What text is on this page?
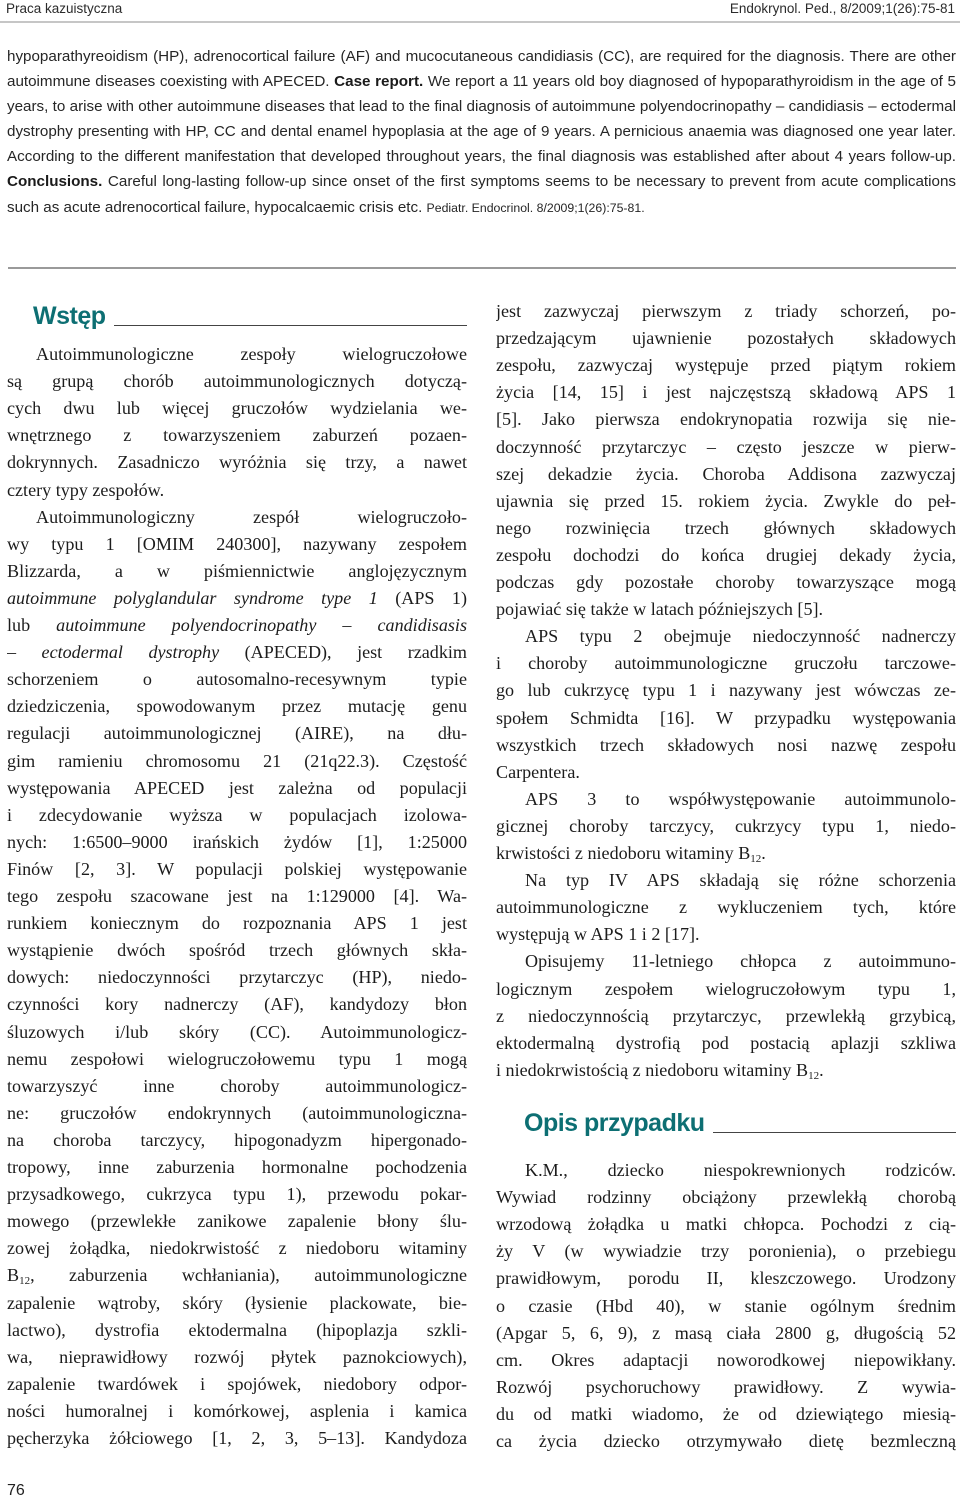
Praca kazuistyczna	Endokrynol. Ped., 8/2009;1(26):75-81
hypoparathyreoidism (HP), adrenocortical failure (AF) and mucocutaneous candidiasis (CC), are required for the diagnosis. There are other autoimmune diseases coexisting with APECED. Case report. We report a 11 years old boy diagnosed of hypoparathyroidism in the age of 5 years, to arise with other autoimmune diseases that lead to the final diagnosis of autoimmune polyendocrinopathy – candidiasis – ectodermal dystrophy presenting with HP, CC and dental enamel hypoplasia at the age of 9 years. A pernicious anaemia was diagnosed one year later. According to the different manifestation that developed throughout years, the final diagnosis was established after about 4 years follow-up. Conclusions. Careful long-lasting follow-up since onset of the first symptoms seems to be necessary to prevent from acute complications such as acute adrenocortical failure, hypocalcaemic crisis etc. Pediatr. Endocrinol. 8/2009;1(26):75-81.
Wstęp
Autoimmunologiczne zespoły wielogruczołowe
są grupą chorób autoimmunologicznych dotyczą-
cych dwu lub więcej gruczołów wydzielania we-
wnętrznego z towarzyszeniem zaburzeń pozaen-
dokrynnych. Zasadniczo wyróżnia się trzy, a nawet
cztery typy zespołów.
Autoimmunologiczny zespół wielogruczoło-
wy typu 1 [OMIM 240300], nazywany zespołem
Blizzarda, a w piśmiennictwie anglojęzycznym
autoimmune polyglandular syndrome type 1 (APS 1)
lub autoimmune polyendocrinopathy – candidisasis
– ectodermal dystrophy (APECED), jest rzadkim
schorzeniem o autosomalno-recesywnym typie
dziedziczenia, spowodowanym przez mutację genu
regulacji autoimmunologicznej (AIRE), na dłu-
gim ramieniu chromosomu 21 (21q22.3). Częstość
występowania APECED jest zależna od populacji
i zdecydowanie wyższa w populacjach izolowa-
nych: 1:6500–9000 irańskich żydów [1], 1:25000
Finów [2, 3]. W populacji polskiej występowanie
tego zespołu szacowane jest na 1:129000 [4]. Wa-
runkiem koniecznym do rozpoznania APS 1 jest
wystąpienie dwóch spośród trzech głównych skła-
dowych: niedoczynności przytarczyc (HP), niedo-
czynności kory nadnerczy (AF), kandydozy błon
śluzowych i/lub skóry (CC). Autoimmunologicz-
nemu zespołowi wielogruczołowemu typu 1 mogą
towarzyszyć inne choroby autoimmunologicz-
ne: gruczołów endokrynnych (autoimmunologiczna-
na choroba tarczycy, hipogonadyzm hipergonado-
tropowy, inne zaburzenia hormonalne pochodzenia
przysadkowego, cukrzyca typu 1), przewodu pokar-
mowego (przewlekłe zanikowe zapalenie błony ślu-
zowej żołądka, niedokrwistość z niedoboru witaminy
$B_{12}$, zaburzenia wchłaniania), autoimmunologiczne
zapalenie wątroby, skóry (łysienie plackowate, bie-
lactwo), dystrofia ektodermalna (hipoplazja szkli-
wa, nieprawidłowy rozwój płytek paznokciowych),
zapalenie twardówek i spojówek, niedobory odpor-
ności humoralnej i komórkowej, asplenia i kamica
pęcherzyka żółciowego [1, 2, 3, 5–13]. Kandydoza
jest zazwyczaj pierwszym z triady schorzeń, po-
przedzającym ujawnienie pozostałych składowych
zespołu, zazwyczaj występuje przed piątym rokiem
życia [14, 15] i jest najczęstszą składową APS 1
[5]. Jako pierwsza endokrynopatia rozwija się nie-
doczynność przytarczyc – często jeszcze w pierw-
szej dekadzie życia. Choroba Addisona zazwyczaj
ujawnia się przed 15. rokiem życia. Zwykle do peł-
nego rozwinięcia trzech głównych składowych
zespołu dochodzi do końca drugiej dekady życia,
podczas gdy pozostałe choroby towarzyszące mogą
pojawiać się także w latach późniejszych [5].
APS typu 2 obejmuje niedoczynność nadnerczy
i choroby autoimmunologiczne gruczołu tarczowe-
go lub cukrzycę typu 1 i nazywany jest wówczas ze-
społem Schmidta [16]. W przypadku występowania
wszystkich trzech składowych nosi nazwę zespołu
Carpentera.
APS 3 to współwystępowanie autoimmunolo-
gicznej choroby tarczycy, cukrzycy typu 1, niedo-
krwistości z niedoboru witaminy $B_{12}$.
Na typ IV APS składają się różne schorzenia
autoimmunologiczne z wykluczeniem tych, które
występują w APS 1 i 2 [17].
Opisujemy 11-letniego chłopca z autoimmuno-
logicznym zespołem wielogruczołowym typu 1,
z niedoczynnością przytarczyc, przewlekłą grzybicą,
ektodermalną dystrofią pod postacią aplazji szkliwa
i niedokrwistością z niedoboru witaminy $B_{12}$.
Opis przypadku
K.M., dziecko niespokrewnionych rodziców.
Wywiad rodzinny obciążony przewlekłą chorobą
wrzodową żołądka u matki chłopca. Pochodzi z cią-
ży V (w wywiadzie trzy poronienia), o przebiegu
prawidłowym, porodu II, kleszczowego. Urodzony
o czasie (Hbd 40), w stanie ogólnym średnim
(Apgar 5, 6, 9), z masą ciała 2800 g, długością 52
cm. Okres adaptacji noworodkowej niepowikłany.
Rozwój psychoruchowy prawidłowy. Z wywia-
du od matki wiadomo, że od dziewiątego miesią-
ca życia dziecko otrzymywało dietę bezmleczną
76
